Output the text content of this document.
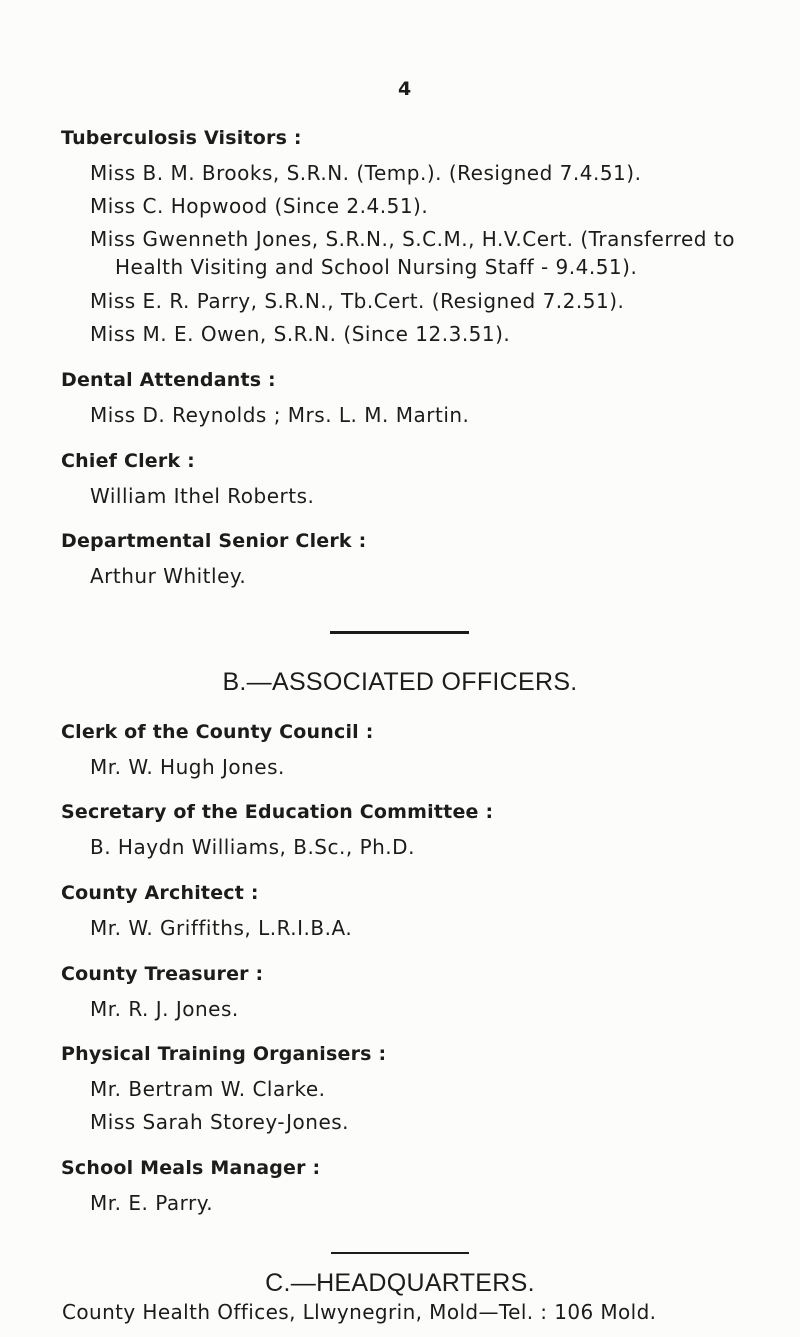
4
Tuberculosis Visitors :
Miss B. M. Brooks, S.R.N. (Temp.). (Resigned 7.4.51).
Miss C. Hopwood (Since 2.4.51).
Miss Gwenneth Jones, S.R.N., S.C.M., H.V.Cert. (Transferred to
Health Visiting and School Nursing Staff - 9.4.51).
Miss E. R. Parry, S.R.N., Tb.Cert. (Resigned 7.2.51).
Miss M. E. Owen, S.R.N. (Since 12.3.51).
Dental Attendants :
Miss D. Reynolds ; Mrs. L. M. Martin.
Chief Clerk :
William Ithel Roberts.
Departmental Senior Clerk :
Arthur Whitley.
B.—ASSOCIATED OFFICERS.
Clerk of the County Council :
Mr. W. Hugh Jones.
Secretary of the Education Committee :
B. Haydn Williams, B.Sc., Ph.D.
County Architect :
Mr. W. Griffiths, L.R.I.B.A.
County Treasurer :
Mr. R. J. Jones.
Physical Training Organisers :
Mr. Bertram W. Clarke.
Miss Sarah Storey-Jones.
School Meals Manager :
Mr. E. Parry.
C.—HEADQUARTERS.
County Health Offices, Llwynegrin, Mold—Tel. : 106 Mold.
